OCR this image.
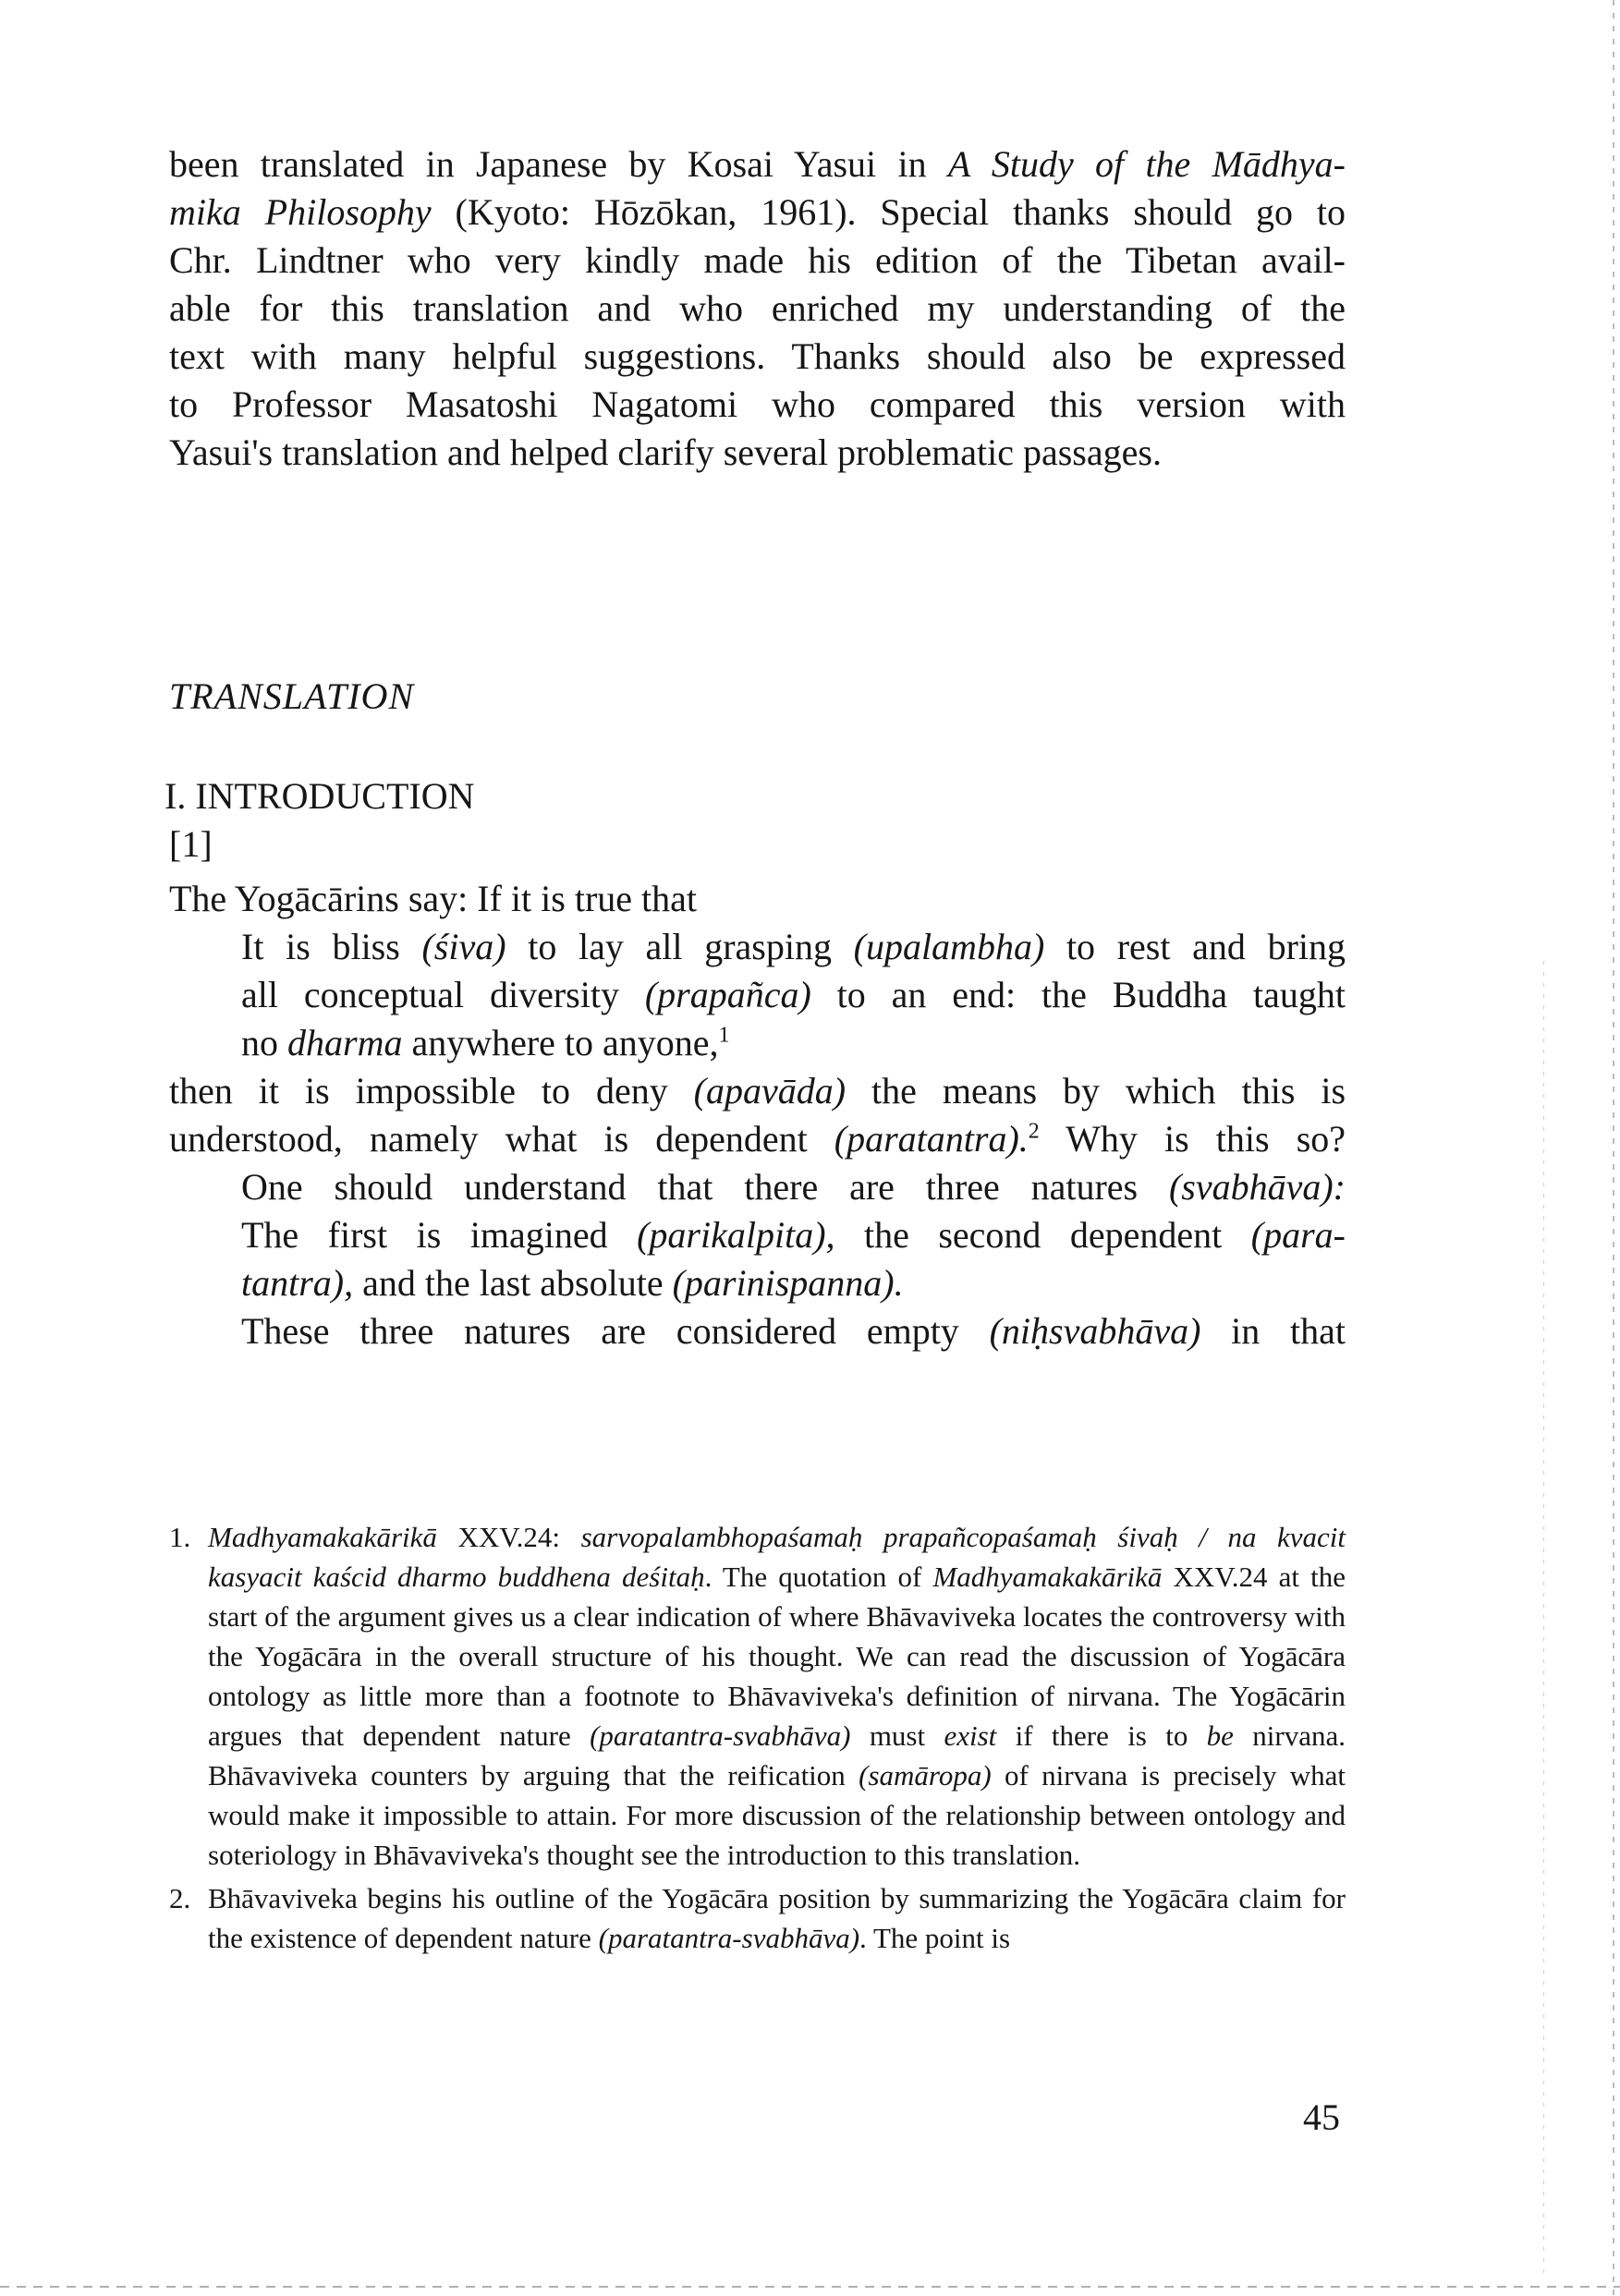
been translated in Japanese by Kosai Yasui in A Study of the Mādhya-
mika Philosophy (Kyoto: Hōzōkan, 1961). Special thanks should go to
Chr. Lindtner who very kindly made his edition of the Tibetan avail-
able for this translation and who enriched my understanding of the
text with many helpful suggestions. Thanks should also be expressed
to Professor Masatoshi Nagatomi who compared this version with
Yasui's translation and helped clarify several problematic passages.
TRANSLATION
I. INTRODUCTION
[1]
The Yogācārins say: If it is true that
It is bliss (śiva) to lay all grasping (upalambha) to rest and bring
all conceptual diversity (prapañca) to an end: the Buddha taught
no dharma anywhere to anyone,$^1$
then it is impossible to deny (apavāda) the means by which this is
understood, namely what is dependent (paratantra).$^2$ Why is this so?
One should understand that there are three natures (svabhāva):
The first is imagined (parikalpita), the second dependent (para-
tantra), and the last absolute (parinispanna).
These three natures are considered empty (niḥsvabhāva) in that
1. Madhyamakakārikā XXV.24: sarvopalambhopaśamaḥ prapañcopaśamaḥ śivaḥ / na kvacit kasyacit kaścid dharmo buddhena deśitaḥ. The quotation of Madhyamakakārikā XXV.24 at the start of the argument gives us a clear indication of where Bhāvaviveka locates the controversy with the Yogācāra in the overall structure of his thought. We can read the discussion of Yogācāra ontology as little more than a footnote to Bhāvaviveka's definition of nirvana. The Yogācārin argues that dependent nature (paratantra-svabhāva) must exist if there is to be nirvana. Bhāvaviveka counters by arguing that the reification (samāropa) of nirvana is precisely what would make it impossible to attain. For more discussion of the relationship between ontology and soteriology in Bhāvaviveka's thought see the introduction to this translation.
2. Bhāvaviveka begins his outline of the Yogācāra position by summarizing the Yogācāra claim for the existence of dependent nature (paratantra-svabhāva). The point is
45
